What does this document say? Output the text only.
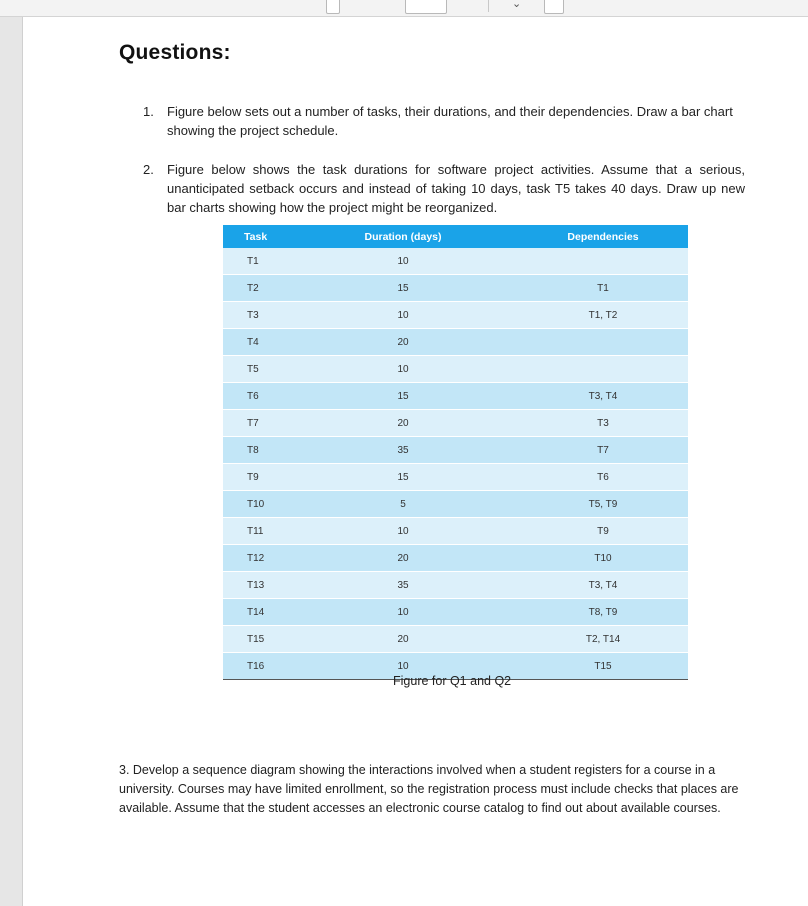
⌄
Questions:
1. Figure below sets out a number of tasks, their durations, and their dependencies. Draw a bar chart showing the project schedule.
2. Figure below shows the task durations for software project activities. Assume that a serious, unanticipated setback occurs and instead of taking 10 days, task T5 takes 40 days. Draw up new bar charts showing how the project might be reorganized.
Task	Duration (days)	Dependencies
T1	10	
T2	15	T1
T3	10	T1, T2
T4	20	
T5	10	
T6	15	T3, T4
T7	20	T3
T8	35	T7
T9	15	T6
T10	5	T5, T9
T11	10	T9
T12	20	T10
T13	35	T3, T4
T14	10	T8, T9
T15	20	T2, T14
T16	10	T15
Figure for Q1 and Q2
3. Develop a sequence diagram showing the interactions involved when a student registers for a course in a university. Courses may have limited enrollment, so the registration process must include checks that places are available. Assume that the student accesses an electronic course catalog to find out about available courses.
